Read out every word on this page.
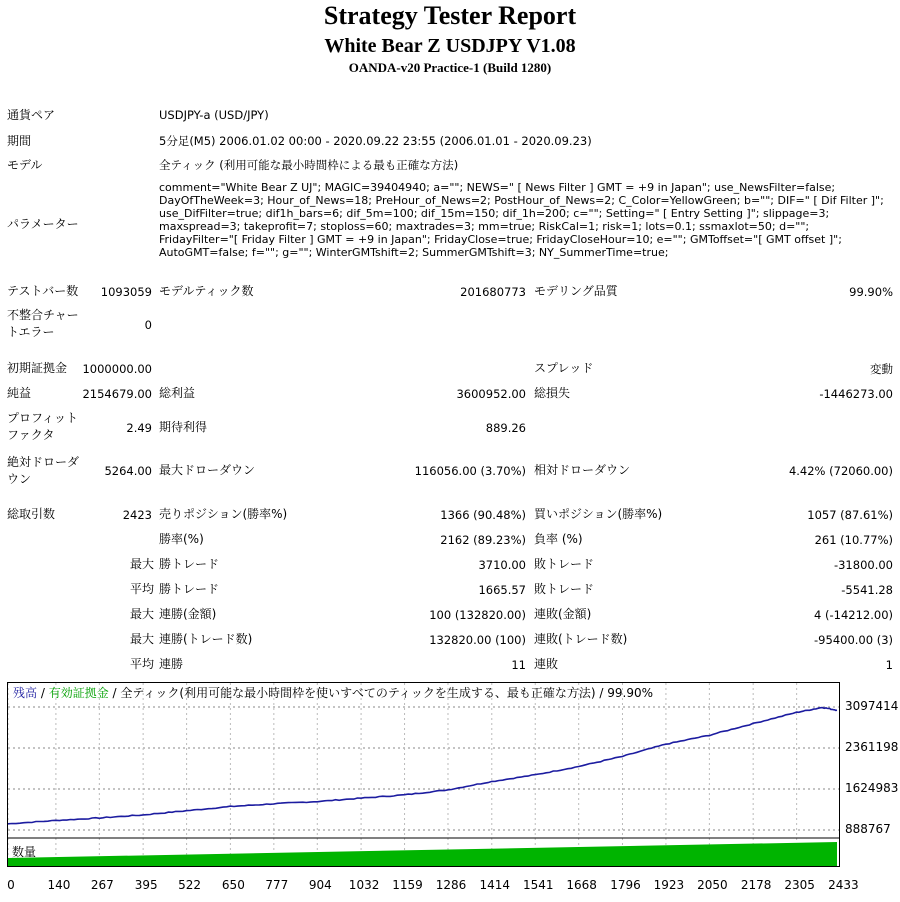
Strategy Tester Report
White Bear Z USDJPY V1.08
OANDA-v20 Practice-1 (Build 1280)
通貨ペア	USDJPY-a (USD/JPY)
期間	5分足(M5) 2006.01.02 00:00 - 2020.09.22 23:55 (2006.01.01 - 2020.09.23)
モデル	全ティック (利用可能な最小時間枠による最も正確な方法)
パラメーター
comment="White Bear Z UJ"; MAGIC=39404940; a=""; NEWS=" [ News Filter ] GMT = +9 in Japan"; use_NewsFilter=false; DayOfTheWeek=3; Hour_of_News=18; PreHour_of_News=2; PostHour_of_News=2; C_Color=YellowGreen; b=""; DIF=" [ Dif Filter ]"; use_DifFilter=true; dif1h_bars=6; dif_5m=100; dif_15m=150; dif_1h=200; c=""; Setting=" [ Entry Setting ]"; slippage=3; maxspread=3; takeprofit=7; stoploss=60; maxtrades=3; mm=true; RiskCal=1; risk=1; lots=0.1; ssmaxlot=50; d=""; FridayFilter="[ Friday Filter ] GMT = +9 in Japan"; FridayClose=true; FridayCloseHour=10; e=""; GMToffset="[ GMT offset ]"; AutoGMT=false; f=""; g=""; WinterGMTshift=2; SummerGMTshift=3; NY_SummerTime=true;
テストバー数	1093059 モデルティック数	201680773 モデリング品質	99.90%
不整合チャー
トエラー	0
初期証拠金	1000000.00	スプレッド	変動
純益	2154679.00 総利益	3600952.00 総損失	-1446273.00
プロフィット
ファクタ	2.49 期待利得	889.26
絶対ドローダ
ウン
5264.00 最大ドローダウン	116056.00 (3.70%) 相対ドローダウン	4.42% (72060.00)
総取引数	2423 売りポジション(勝率%)	1366 (90.48%) 買いポジション(勝率%)	1057 (87.61%)
勝率(%)	2162 (89.23%) 負率 (%)	261 (10.77%)
最大 勝トレード	3710.00 敗トレード	-31800.00
平均 勝トレード	1665.57 敗トレード	-5541.28
最大 連勝(金額)	100 (132820.00) 連敗(金額)	4 (-14212.00)
最大 連勝(トレード数)	132820.00 (100) 連敗(トレード数)	-95400.00 (3)
平均 連勝	11 連敗	1
残高 / 有効証拠金 / 全ティック(利用可能な最小時間枠を使いすべてのティックを生成する、最も正確な方法) / 99.90%
数量
3097414
2361198
1624983
888767
0	140 267 395 522 650 777 904 1032 1159 1286 1414 1541 1668 1796 1923 2050 2178 2305 2433
